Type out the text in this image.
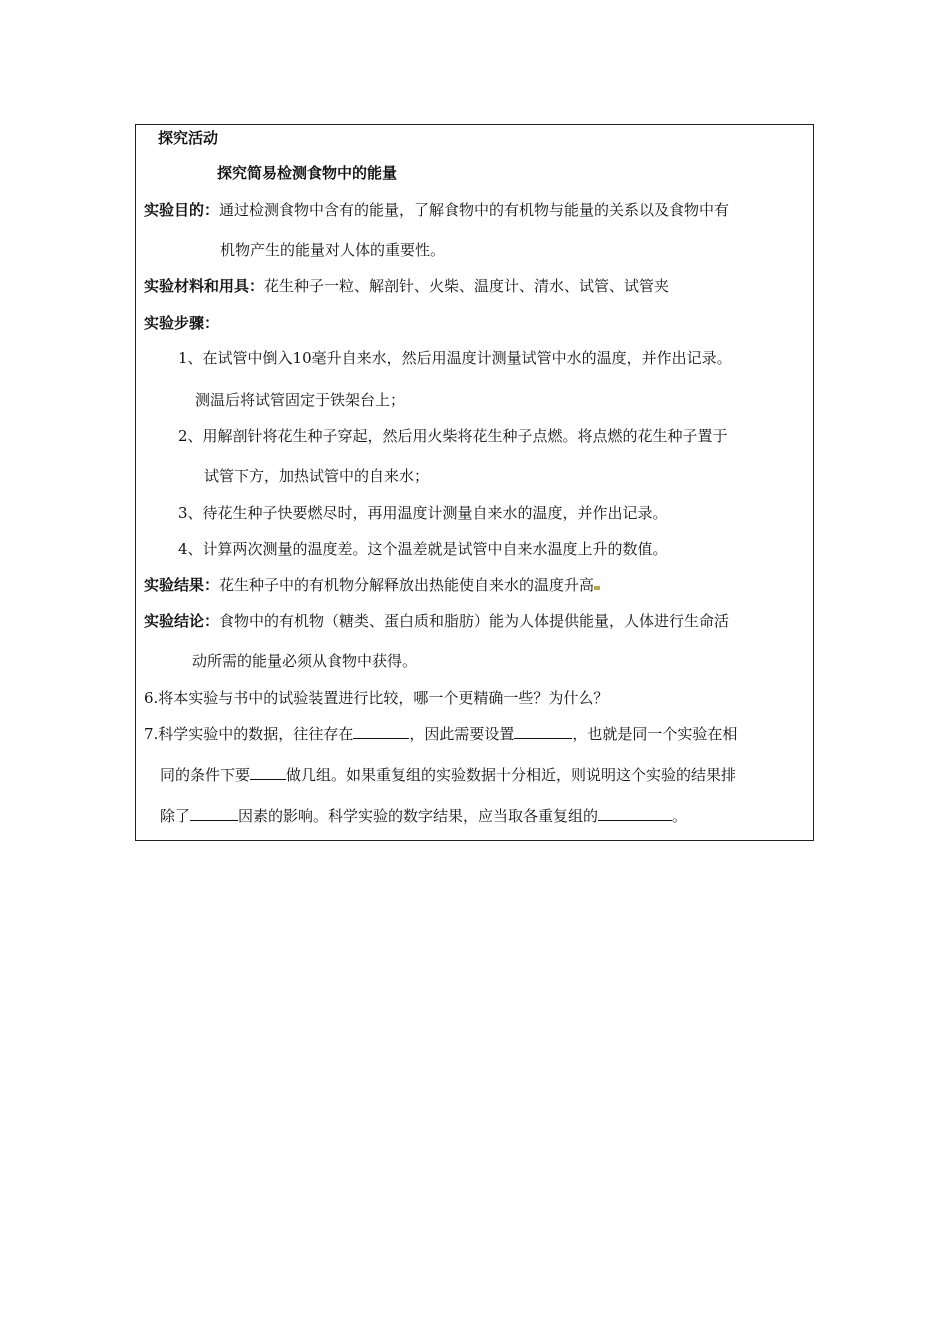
探究活动
探究简易检测食物中的能量
实验目的：通过检测食物中含有的能量，了解食物中的有机物与能量的关系以及食物中有
机物产生的能量对人体的重要性。
实验材料和用具：花生种子一粒、解剖针、火柴、温度计、清水、试管、试管夹
实验步骤：
1、在试管中倒入10毫升自来水，然后用温度计测量试管中水的温度，并作出记录。
测温后将试管固定于铁架台上；
2、用解剖针将花生种子穿起，然后用火柴将花生种子点燃。将点燃的花生种子置于
试管下方，加热试管中的自来水；
3、待花生种子快要燃尽时，再用温度计测量自来水的温度，并作出记录。
4、计算两次测量的温度差。这个温差就是试管中自来水温度上升的数值。
实验结果：花生种子中的有机物分解释放出热能使自来水的温度升高
实验结论：食物中的有机物（糖类、蛋白质和脂肪）能为人体提供能量，人体进行生命活
动所需的能量必须从食物中获得。
6.将本实验与书中的试验装置进行比较，哪一个更精确一些？为什么？
7.科学实验中的数据，往往存在	，因此需要设置	，也就是同一个实验在相
同的条件下要 做几组。如果重复组的实验数据十分相近，则说明这个实验的结果排
除了	因素的影响。科学实验的数字结果，应当取各重复组的	。
